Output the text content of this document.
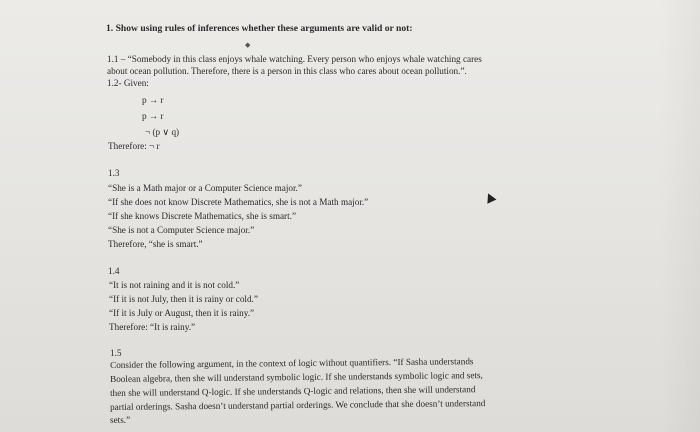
1. Show using rules of inferences whether these arguments are valid or not:
◆
1.1 – “Somebody in this class enjoys whale watching. Every person who enjoys whale watching cares
about ocean pollution. Therefore, there is a person in this class who cares about ocean pollution.”.
1.2- Given:
p → r
p → r
¬ (p ∨ q)
Therefore: ¬ r
1.3
“She is a Math major or a Computer Science major.”
“If she does not know Discrete Mathematics, she is not a Math major.”
“If she knows Discrete Mathematics, she is smart.”
“She is not a Computer Science major.”
Therefore, “she is smart.”
1.4
“It is not raining and it is not cold.”
“If it is not July, then it is rainy or cold.”
“If it is July or August, then it is rainy.”
Therefore: “It is rainy.”
1.5
Consider the following argument, in the context of logic without quantifiers. “If Sasha understands
Boolean algebra, then she will understand symbolic logic. If she understands symbolic logic and sets,
then she will understand Q-logic. If she understands Q-logic and relations, then she will understand
partial orderings. Sasha doesn’t understand partial orderings. We conclude that she doesn’t understand
sets.”
